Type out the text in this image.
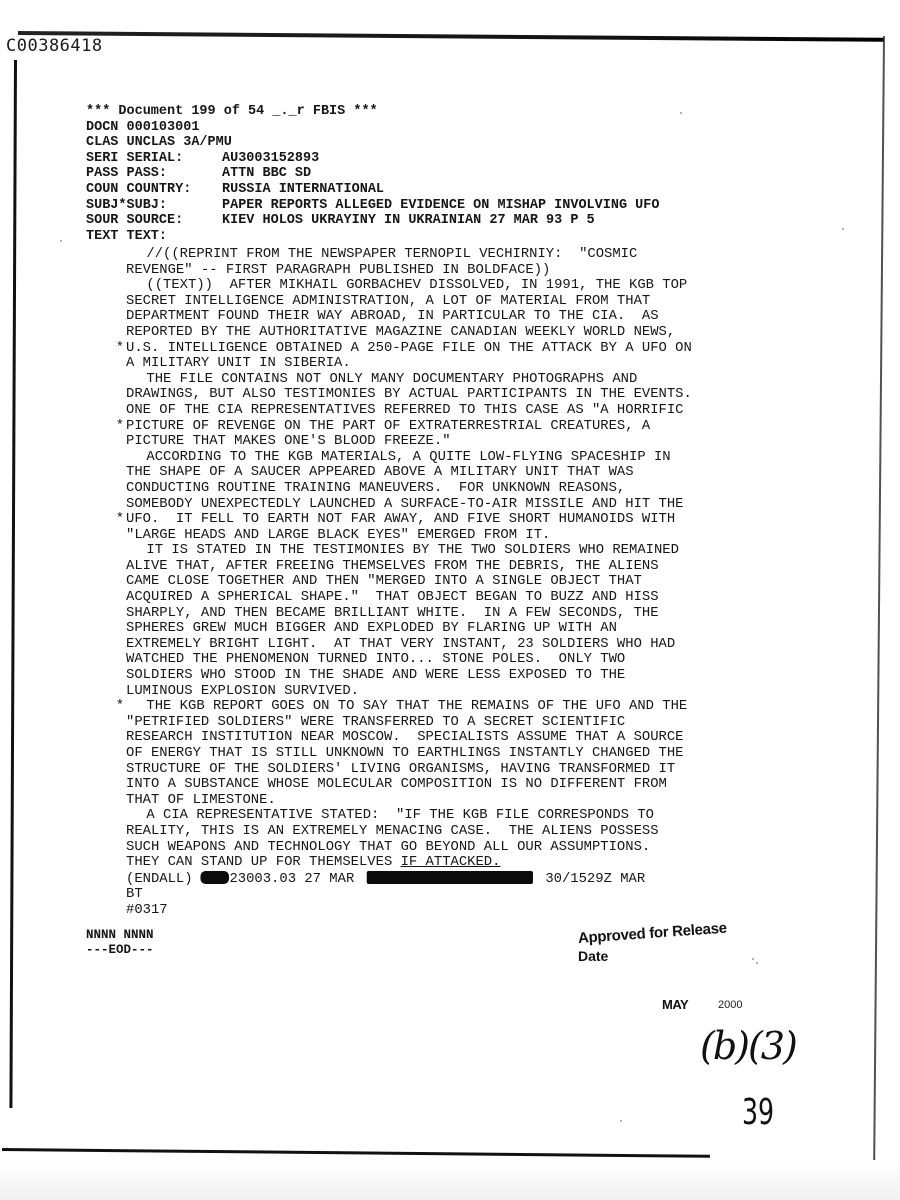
C00386418
*** Document 199 of 54 _._r FBIS ***
DOCN 000103001
CLAS UNCLAS 3A/PMU
SERI SERIAL:	AU3003152893
PASS PASS:	ATTN BBC SD
COUN COUNTRY: RUSSIA INTERNATIONAL
SUBJ*SUBJ:	PAPER REPORTS ALLEGED EVIDENCE ON MISHAP INVOLVING UFO
SOUR SOURCE:	KIEV HOLOS UKRAYINY IN UKRAINIAN 27 MAR 93 P 5
TEXT TEXT:
//((REPRINT FROM THE NEWSPAPER TERNOPIL VECHIRNIY:  "COSMIC
REVENGE" -- FIRST PARAGRAPH PUBLISHED IN BOLDFACE))
((TEXT))  AFTER MIKHAIL GORBACHEV DISSOLVED, IN 1991, THE KGB TOP
SECRET INTELLIGENCE ADMINISTRATION, A LOT OF MATERIAL FROM THAT
DEPARTMENT FOUND THEIR WAY ABROAD, IN PARTICULAR TO THE CIA.  AS
REPORTED BY THE AUTHORITATIVE MAGAZINE CANADIAN WEEKLY WORLD NEWS,
* U.S. INTELLIGENCE OBTAINED A 250-PAGE FILE ON THE ATTACK BY A UFO ON
A MILITARY UNIT IN SIBERIA.
THE FILE CONTAINS NOT ONLY MANY DOCUMENTARY PHOTOGRAPHS AND
DRAWINGS, BUT ALSO TESTIMONIES BY ACTUAL PARTICIPANTS IN THE EVENTS.
ONE OF THE CIA REPRESENTATIVES REFERRED TO THIS CASE AS "A HORRIFIC
* PICTURE OF REVENGE ON THE PART OF EXTRATERRESTRIAL CREATURES, A
PICTURE THAT MAKES ONE'S BLOOD FREEZE."
ACCORDING TO THE KGB MATERIALS, A QUITE LOW-FLYING SPACESHIP IN
THE SHAPE OF A SAUCER APPEARED ABOVE A MILITARY UNIT THAT WAS
CONDUCTING ROUTINE TRAINING MANEUVERS.  FOR UNKNOWN REASONS,
SOMEBODY UNEXPECTEDLY LAUNCHED A SURFACE-TO-AIR MISSILE AND HIT THE
* UFO.  IT FELL TO EARTH NOT FAR AWAY, AND FIVE SHORT HUMANOIDS WITH
"LARGE HEADS AND LARGE BLACK EYES" EMERGED FROM IT.
IT IS STATED IN THE TESTIMONIES BY THE TWO SOLDIERS WHO REMAINED
ALIVE THAT, AFTER FREEING THEMSELVES FROM THE DEBRIS, THE ALIENS
CAME CLOSE TOGETHER AND THEN "MERGED INTO A SINGLE OBJECT THAT
ACQUIRED A SPHERICAL SHAPE."  THAT OBJECT BEGAN TO BUZZ AND HISS
SHARPLY, AND THEN BECAME BRILLIANT WHITE.  IN A FEW SECONDS, THE
SPHERES GREW MUCH BIGGER AND EXPLODED BY FLARING UP WITH AN
EXTREMELY BRIGHT LIGHT.  AT THAT VERY INSTANT, 23 SOLDIERS WHO HAD
WATCHED THE PHENOMENON TURNED INTO... STONE POLES.  ONLY TWO
SOLDIERS WHO STOOD IN THE SHADE AND WERE LESS EXPOSED TO THE
LUMINOUS EXPLOSION SURVIVED.
* THE KGB REPORT GOES ON TO SAY THAT THE REMAINS OF THE UFO AND THE
"PETRIFIED SOLDIERS" WERE TRANSFERRED TO A SECRET SCIENTIFIC
RESEARCH INSTITUTION NEAR MOSCOW.  SPECIALISTS ASSUME THAT A SOURCE
OF ENERGY THAT IS STILL UNKNOWN TO EARTHLINGS INSTANTLY CHANGED THE
STRUCTURE OF THE SOLDIERS' LIVING ORGANISMS, HAVING TRANSFORMED IT
INTO A SUBSTANCE WHOSE MOLECULAR COMPOSITION IS NO DIFFERENT FROM
THAT OF LIMESTONE.
A CIA REPRESENTATIVE STATED:  "IF THE KGB FILE CORRESPONDS TO
REALITY, THIS IS AN EXTREMELY MENACING CASE.  THE ALIENS POSSESS
SUCH WEAPONS AND TECHNOLOGY THAT GO BEYOND ALL OUR ASSUMPTIONS.
THEY CAN STAND UP FOR THEMSELVES IF ATTACKED.
(ENDALL) 23003.03 27 MAR	30/1529Z MAR
BT
#0317
NNNN NNNN
---EOD---
Approved for Release
Date
MAY	2000
(b)(3)
39
